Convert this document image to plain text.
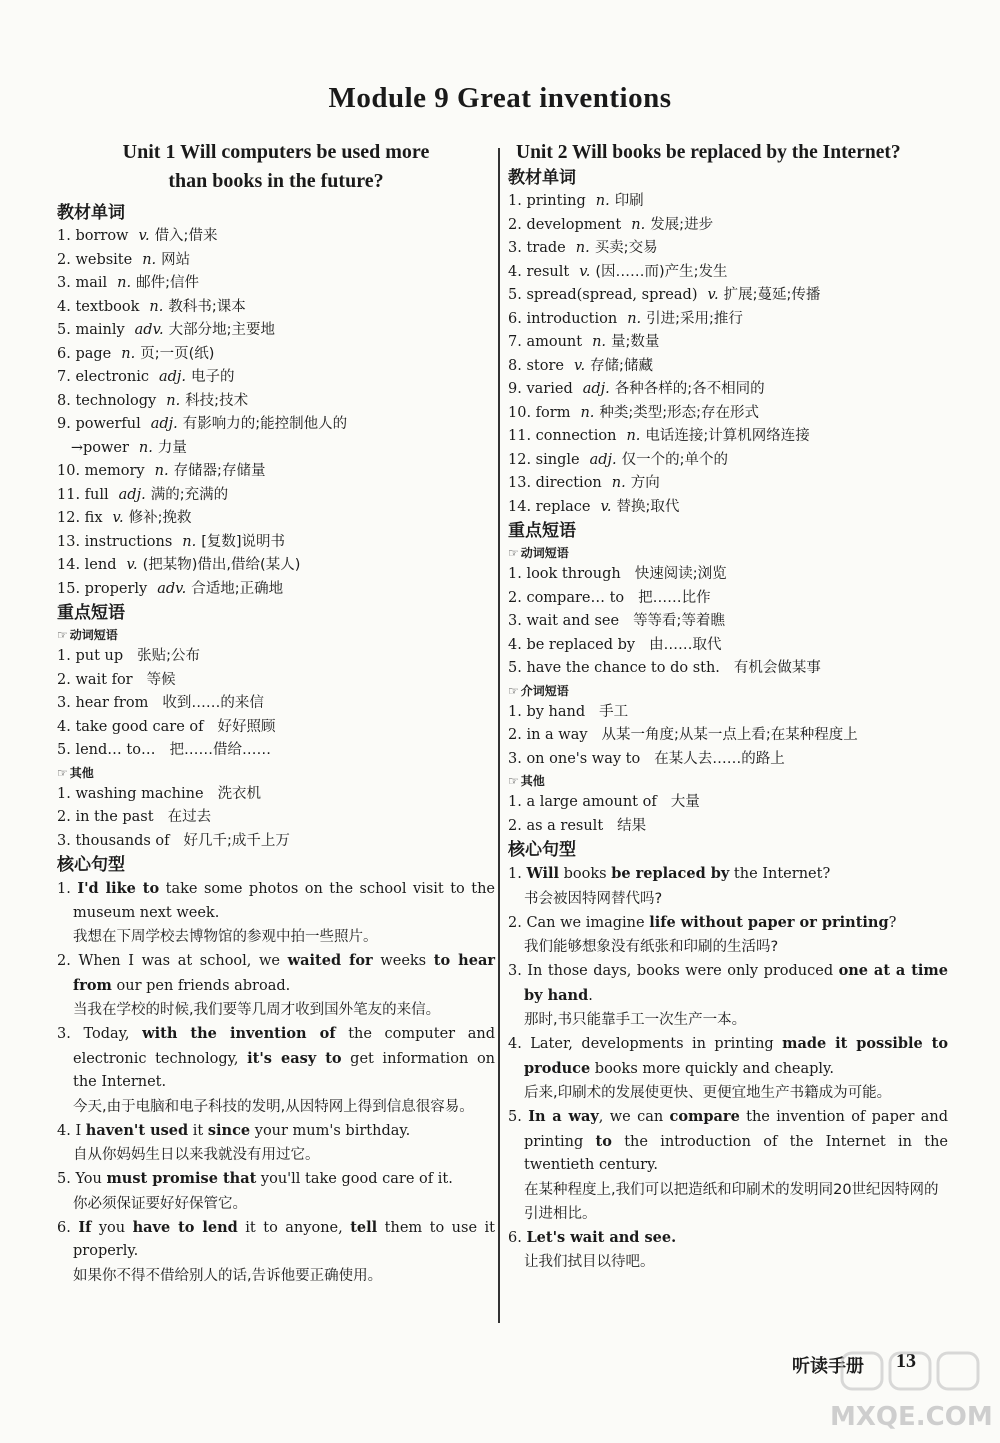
Module 9 Great inventions
Unit 1 Will computers be used more
than books in the future?
教材单词
1. borrow v. 借入;借来
2. website n. 网站
3. mail n. 邮件;信件
4. textbook n. 教科书;课本
5. mainly adv. 大部分地;主要地
6. page n. 页;一页(纸)
7. electronic adj. 电子的
8. technology n. 科技;技术
9. powerful adj. 有影响力的;能控制他人的
→power n. 力量
10. memory n. 存储器;存储量
11. full adj. 满的;充满的
12. fix v. 修补;挽救
13. instructions n. [复数]说明书
14. lend v. (把某物)借出,借给(某人)
15. properly adv. 合适地;正确地
重点短语
☞ 动词短语
1. put up 张贴;公布
2. wait for 等候
3. hear from 收到……的来信
4. take good care of 好好照顾
5. lend… to… 把……借给……
☞ 其他
1. washing machine 洗衣机
2. in the past 在过去
3. thousands of 好几千;成千上万
核心句型
1. I'd like to take some photos on the school visit to the museum next week.
我想在下周学校去博物馆的参观中拍一些照片。
2. When I was at school, we waited for weeks to hear from our pen friends abroad.
当我在学校的时候,我们要等几周才收到国外笔友的来信。
3. Today, with the invention of the computer and electronic technology, it's easy to get information on the Internet.
今天,由于电脑和电子科技的发明,从因特网上得到信息很容易。
4. I haven't used it since your mum's birthday.
自从你妈妈生日以来我就没有用过它。
5. You must promise that you'll take good care of it.
你必须保证要好好保管它。
6. If you have to lend it to anyone, tell them to use it properly.
如果你不得不借给别人的话,告诉他要正确使用。
Unit 2 Will books be replaced by the Internet?
教材单词
1. printing n. 印刷
2. development n. 发展;进步
3. trade n. 买卖;交易
4. result v. (因……而)产生;发生
5. spread(spread, spread) v. 扩展;蔓延;传播
6. introduction n. 引进;采用;推行
7. amount n. 量;数量
8. store v. 存储;储藏
9. varied adj. 各种各样的;各不相同的
10. form n. 种类;类型;形态;存在形式
11. connection n. 电话连接;计算机网络连接
12. single adj. 仅一个的;单个的
13. direction n. 方向
14. replace v. 替换;取代
重点短语
☞ 动词短语
1. look through 快速阅读;浏览
2. compare… to 把……比作
3. wait and see 等等看;等着瞧
4. be replaced by 由……取代
5. have the chance to do sth. 有机会做某事
☞ 介词短语
1. by hand 手工
2. in a way 从某一角度;从某一点上看;在某种程度上
3. on one's way to 在某人去……的路上
☞ 其他
1. a large amount of 大量
2. as a result 结果
核心句型
1. Will books be replaced by the Internet?
书会被因特网替代吗?
2. Can we imagine life without paper or printing?
我们能够想象没有纸张和印刷的生活吗?
3. In those days, books were only produced one at a time by hand.
那时,书只能靠手工一次生产一本。
4. Later, developments in printing made it possible to produce books more quickly and cheaply.
后来,印刷术的发展使更快、更便宜地生产书籍成为可能。
5. In a way, we can compare the invention of paper and printing to the introduction of the Internet in the twentieth century.
在某种程度上,我们可以把造纸和印刷术的发明同20世纪因特网的引进相比。
6. Let's wait and see.
让我们拭目以待吧。
听读手册 13
MXQE.COM
